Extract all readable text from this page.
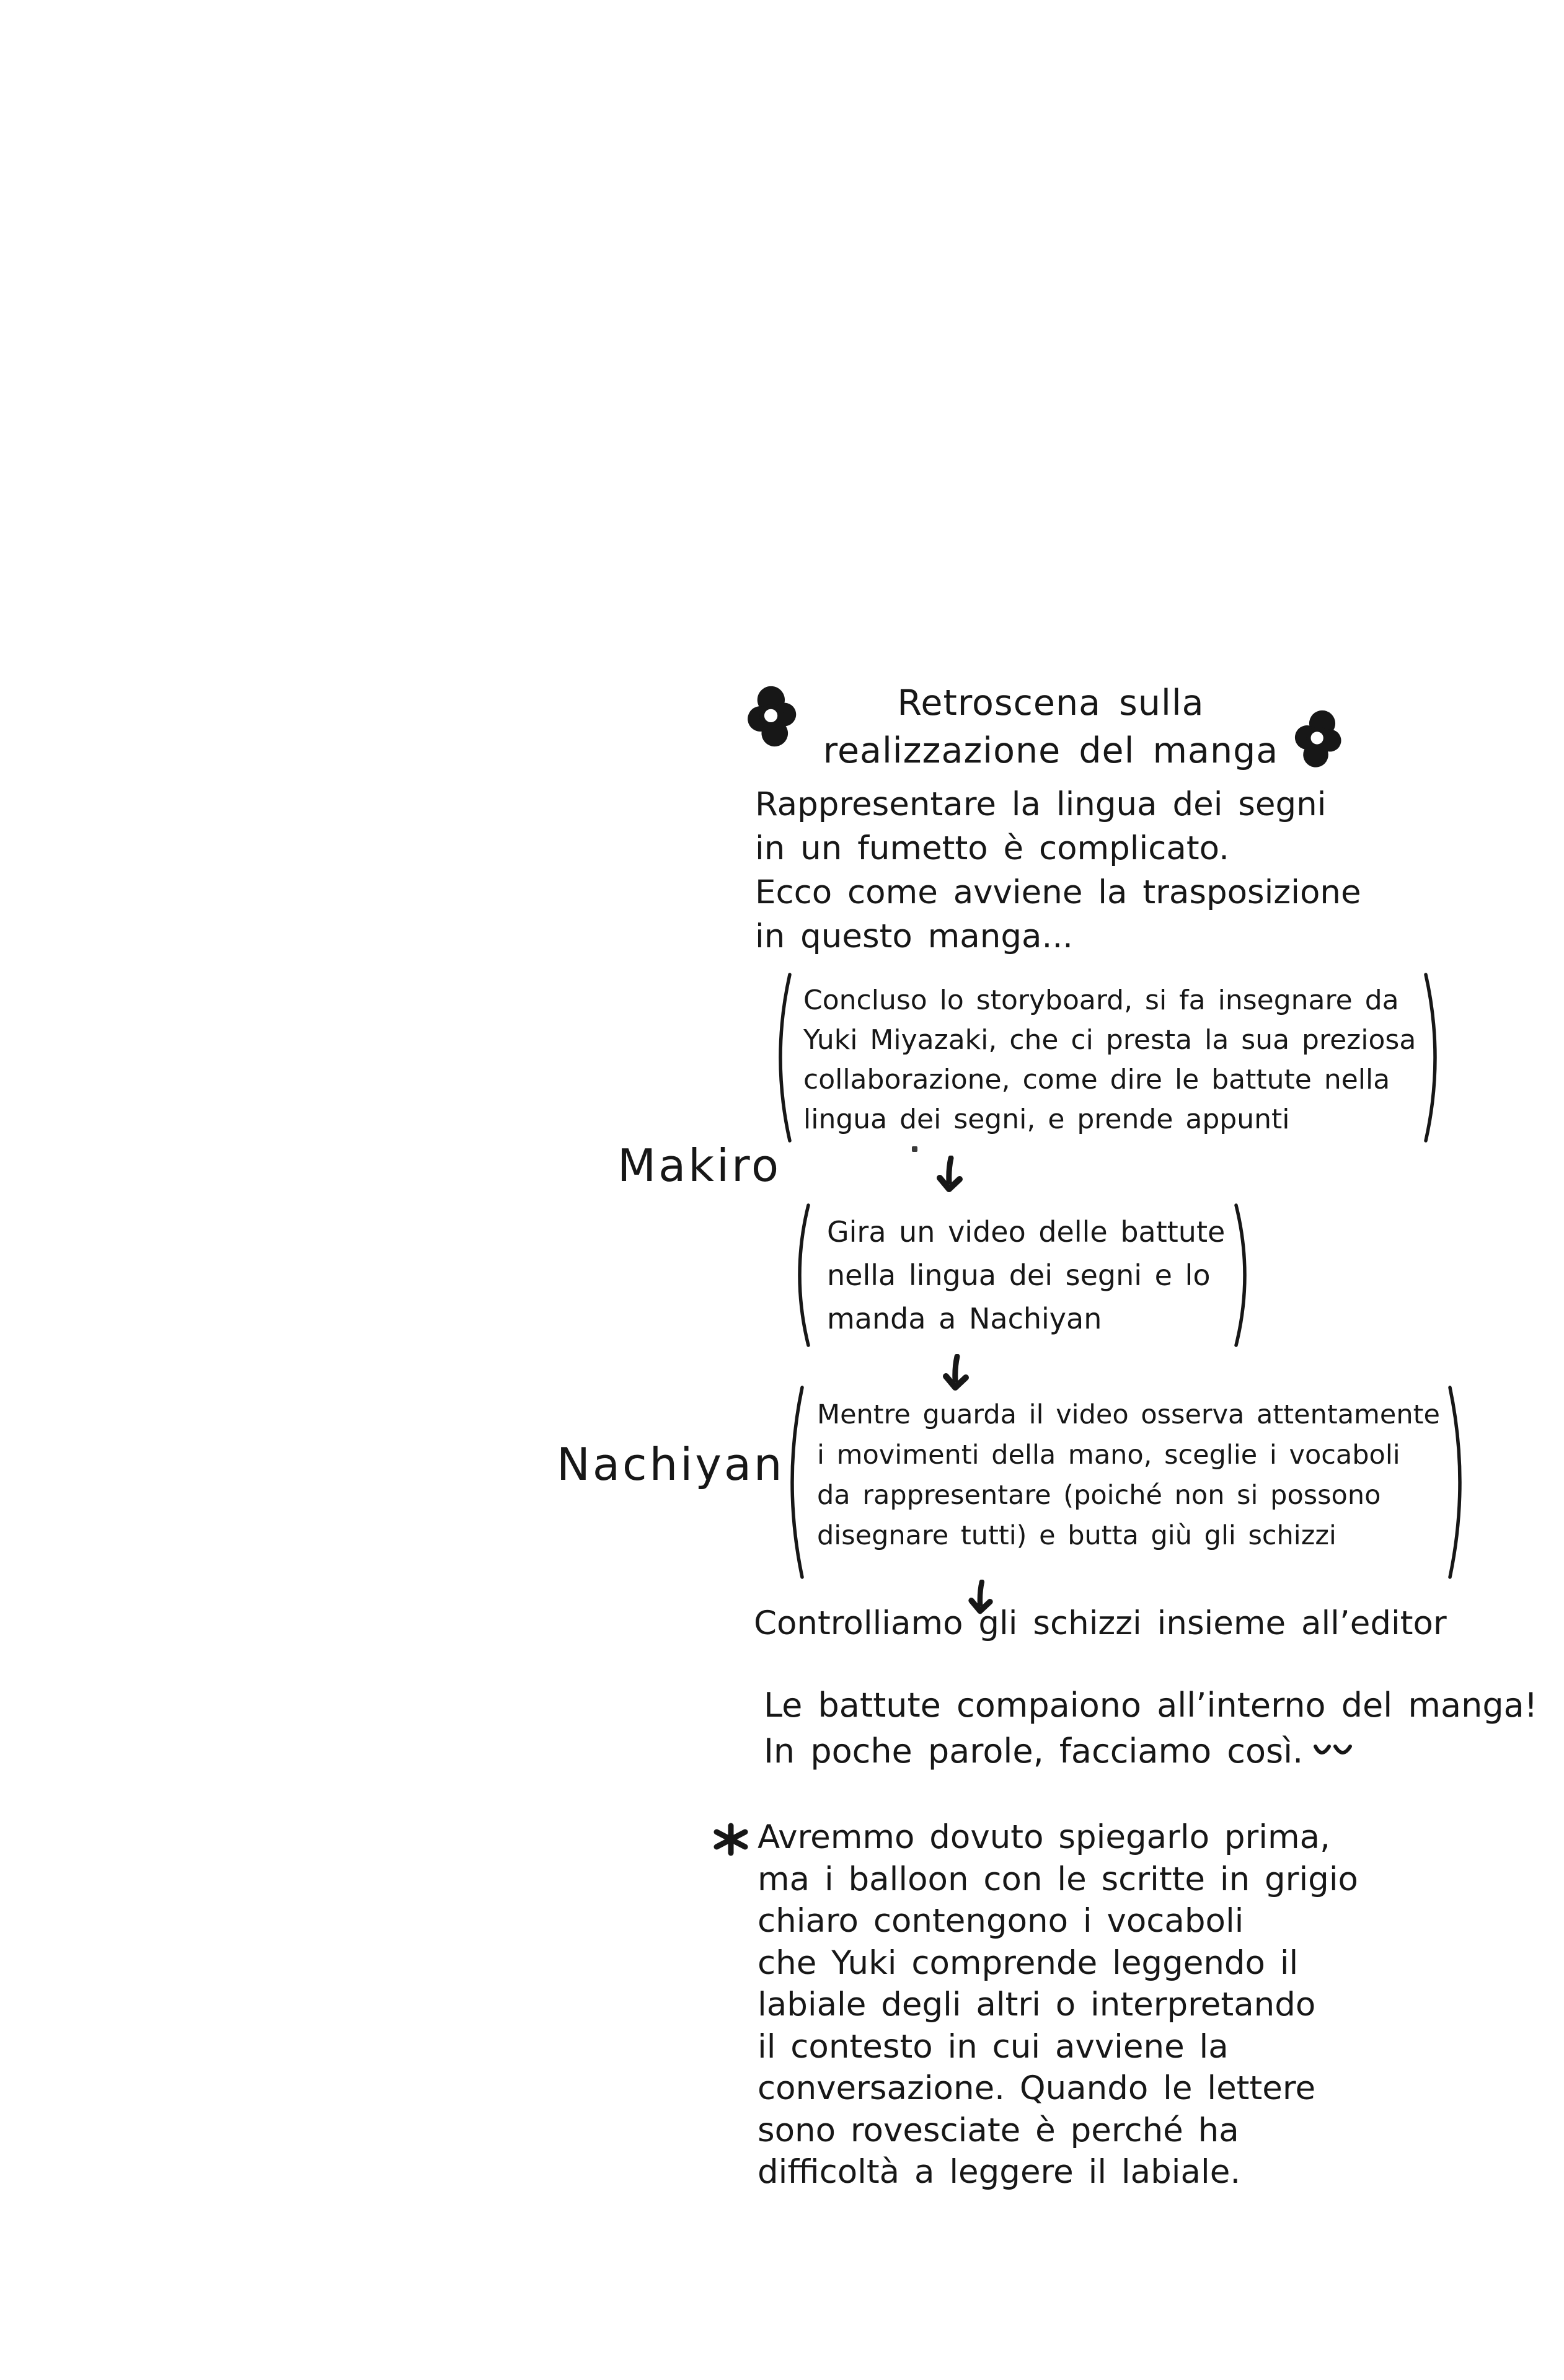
Retroscena sulla
realizzazione del manga
Rappresentare la lingua dei segni
in un fumetto è complicato.
Ecco come avviene la trasposizione
in questo manga...
Concluso lo storyboard, si fa insegnare da
Yuki Miyazaki, che ci presta la sua preziosa
collaborazione, come dire le battute nella
lingua dei segni, e prende appunti
Makiro
Gira un video delle battute
nella lingua dei segni e lo
manda a Nachiyan
Mentre guarda il video osserva attentamente
i movimenti della mano, sceglie i vocaboli
da rappresentare (poiché non si possono
disegnare tutti) e butta giù gli schizzi
Nachiyan
Controlliamo gli schizzi insieme all’editor
Le battute compaiono all’interno del manga!
In poche parole, facciamo così.
Avremmo dovuto spiegarlo prima,
ma i balloon con le scritte in grigio
chiaro contengono i vocaboli
che Yuki comprende leggendo il
labiale degli altri o interpretando
il contesto in cui avviene la
conversazione. Quando le lettere
sono rovesciate è perché ha
difficoltà a leggere il labiale.
